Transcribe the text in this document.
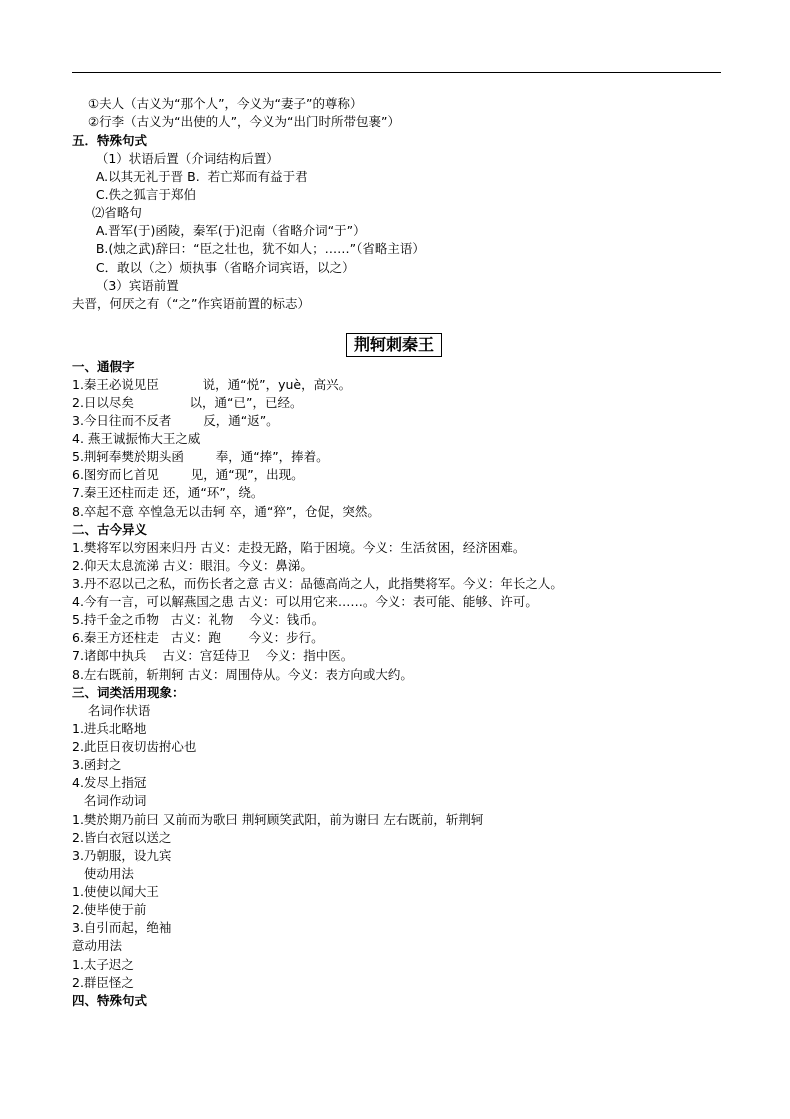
①夫人（古义为“那个人”，今义为“妻子”的尊称）
②行李（古义为“出使的人”，今义为“出门时所带包裹”）
五．特殊句式
（1）状语后置（介词结构后置）
A.以其无礼于晋 B.  若亡郑而有益于君
C.佚之狐言于郑伯
⑵省略句
A.晋军(于)函陵，秦军(于)氾南（省略介词“于”）
B.(烛之武)辞曰：“臣之壮也，犹不如人；……”（省略主语）
C．敢以（之）烦执事（省略介词宾语，以之）
（3）宾语前置
夫晋，何厌之有（“之”作宾语前置的标志）
荆轲刺秦王
一、通假字
1.秦王必说见臣           说，通“悦”，yuè，高兴。
2.日以尽矣              以，通“已”，已经。
3.今日往而不反者        反，通“返”。
4. 燕王诚振怖大王之威
5.荆轲奉樊於期头函        奉，通“捧”，捧着。
6.图穷而匕首见        见，通“现”，出现。
7.秦王还柱而走 还，通“环”，绕。
8.卒起不意 卒惶急无以击轲 卒，通“猝”，仓促，突然。
二、古今异义
1.樊将军以穷困来归丹 古义：走投无路，陷于困境。今义：生活贫困，经济困难。
2.仰天太息流涕 古义：眼泪。今义：鼻涕。
3.丹不忍以己之私，而伤长者之意 古义：品德高尚之人，此指樊将军。今义：年长之人。
4.今有一言，可以解燕国之患 古义：可以用它来……。今义：表可能、能够、许可。
5.持千金之币物   古义：礼物    今义：钱币。
6.秦王方还柱走   古义：跑       今义：步行。
7.诸郎中执兵    古义：宫廷侍卫    今义：指中医。
8.左右既前，斩荆轲 古义：周围侍从。今义：表方向或大约。
三、词类活用现象：
名词作状语
1.进兵北略地
2.此臣日夜切齿拊心也
3.函封之
4.发尽上指冠
名词作动词
1.樊於期乃前曰 又前而为歌曰 荆轲顾笑武阳，前为谢曰 左右既前，斩荆轲
2.皆白衣冠以送之
3.乃朝服，设九宾
使动用法
1.使使以闻大王
2.使毕使于前
3.自引而起，绝袖
意动用法
1.太子迟之
2.群臣怪之
四、特殊句式
